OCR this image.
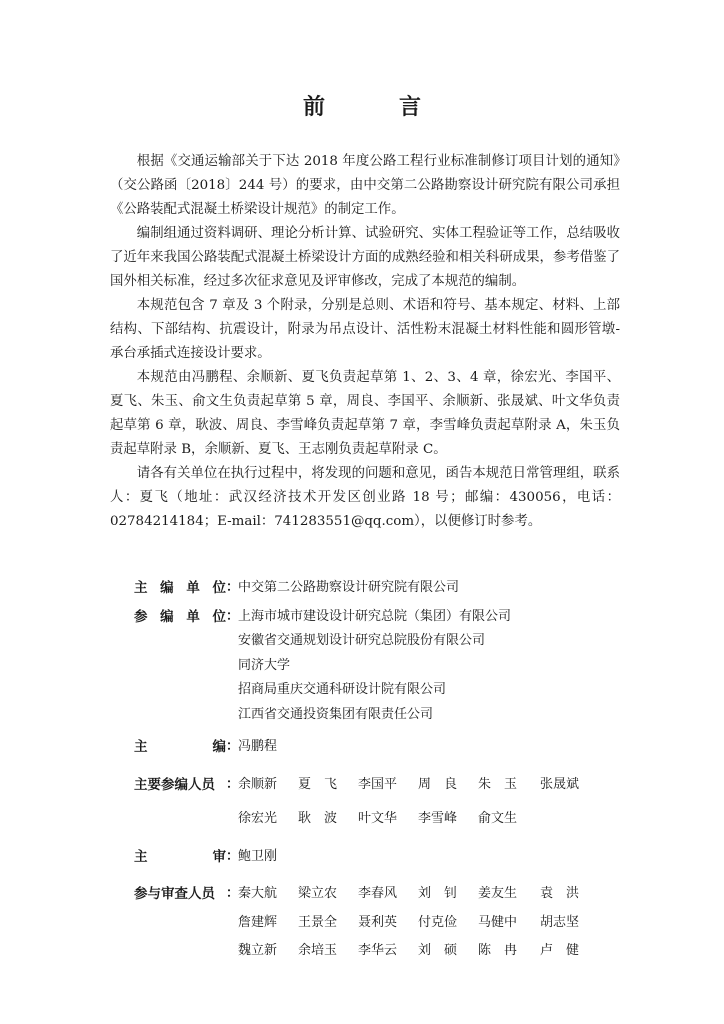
前　言

根据《交通运输部关于下达 2018 年度公路工程行业标准制修订项目计划的通知》（交公路函〔2018〕244 号）的要求，由中交第二公路勘察设计研究院有限公司承担《公路装配式混凝土桥梁设计规范》的制定工作。

编制组通过资料调研、理论分析计算、试验研究、实体工程验证等工作，总结吸收了近年来我国公路装配式混凝土桥梁设计方面的成熟经验和相关科研成果，参考借鉴了国外相关标准，经过多次征求意见及评审修改，完成了本规范的编制。

本规范包含 7 章及 3 个附录，分别是总则、术语和符号、基本规定、材料、上部结构、下部结构、抗震设计，附录为吊点设计、活性粉末混凝土材料性能和圆形管墩-承台承插式连接设计要求。

本规范由冯鹏程、余顺新、夏飞负责起草第 1、2、3、4 章，徐宏光、李国平、夏飞、朱玉、俞文生负责起草第 5 章，周良、李国平、余顺新、张晟斌、叶文华负责起草第 6 章，耿波、周良、李雪峰负责起草第 7 章，李雪峰负责起草附录 A，朱玉负责起草附录 B，余顺新、夏飞、王志刚负责起草附录 C。

请各有关单位在执行过程中，将发现的问题和意见，函告本规范日常管理组，联系人：夏飞（地址：武汉经济技术开发区创业路 18 号；邮编：430056，电话：02784214184；E-mail：741283551@qq.com），以便修订时参考。

主 编 单 位 ：
中交第二公路勘察设计研究院有限公司
参 编 单 位 ：
上海市城市建设设计研究总院（集团）有限公司
安徽省交通规划设计研究总院股份有限公司
同济大学
招商局重庆交通科研设计院有限公司
江西省交通投资集团有限责任公司
主	编 ：
冯鹏程
主要参编人员 ：
余顺新	夏　飞	李国平	周　良	朱　玉	张晟斌
徐宏光	耿　波	叶文华	李雪峰	俞文生
主	审 ：
鲍卫刚
参与审查人员 ：
秦大航	梁立农	李春风	刘　钊	姜友生	袁　洪
詹建辉	王景全	聂利英	付克俭	马健中	胡志坚
魏立新	余培玉	李华云	刘　硕	陈　冉	卢　健
